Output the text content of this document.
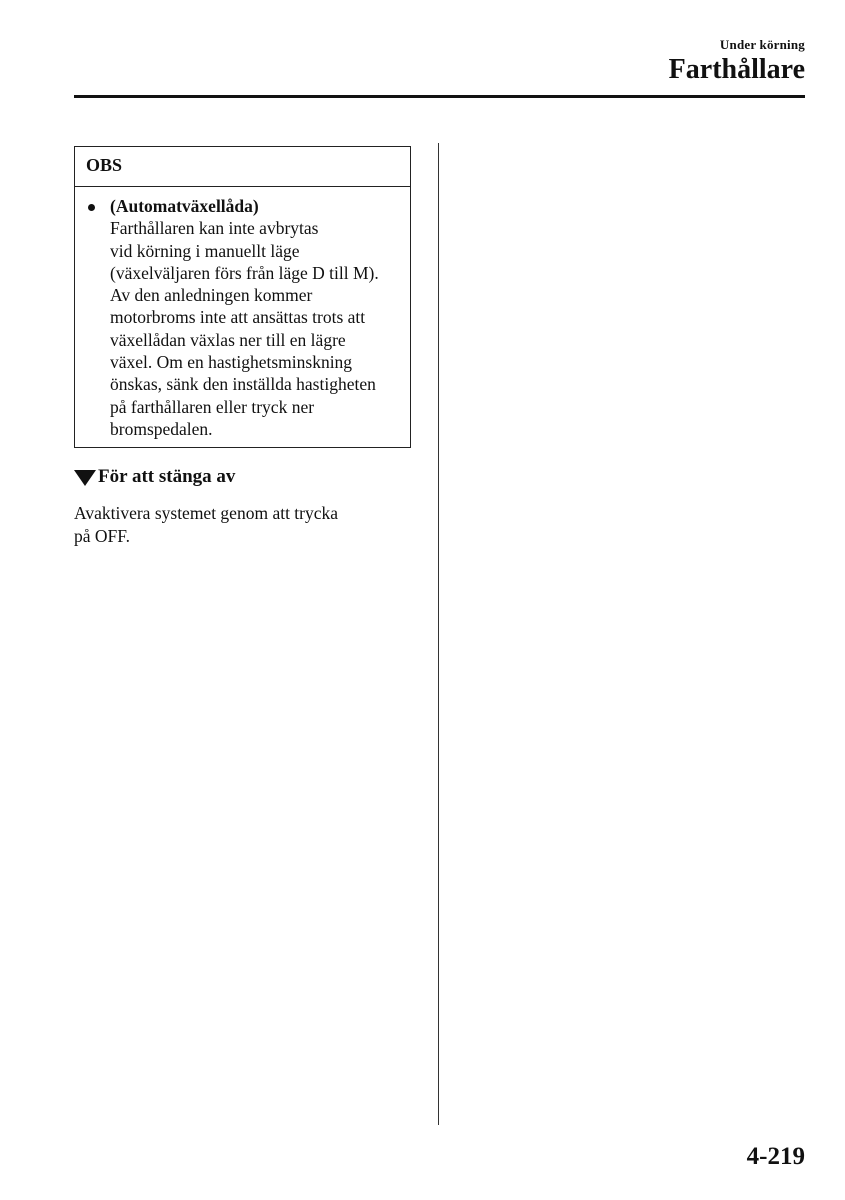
Under körning
Farthållare
OBS
(Automatväxellåda)
Farthållaren kan inte avbrytas
vid körning i manuellt läge
(växelväljaren förs från läge D till M).
Av den anledningen kommer
motorbroms inte att ansättas trots att
växellådan växlas ner till en lägre
växel. Om en hastighetsminskning
önskas, sänk den inställda hastigheten
på farthållaren eller tryck ner
bromspedalen.
För att stänga av
Avaktivera systemet genom att trycka
på OFF.
4-219
